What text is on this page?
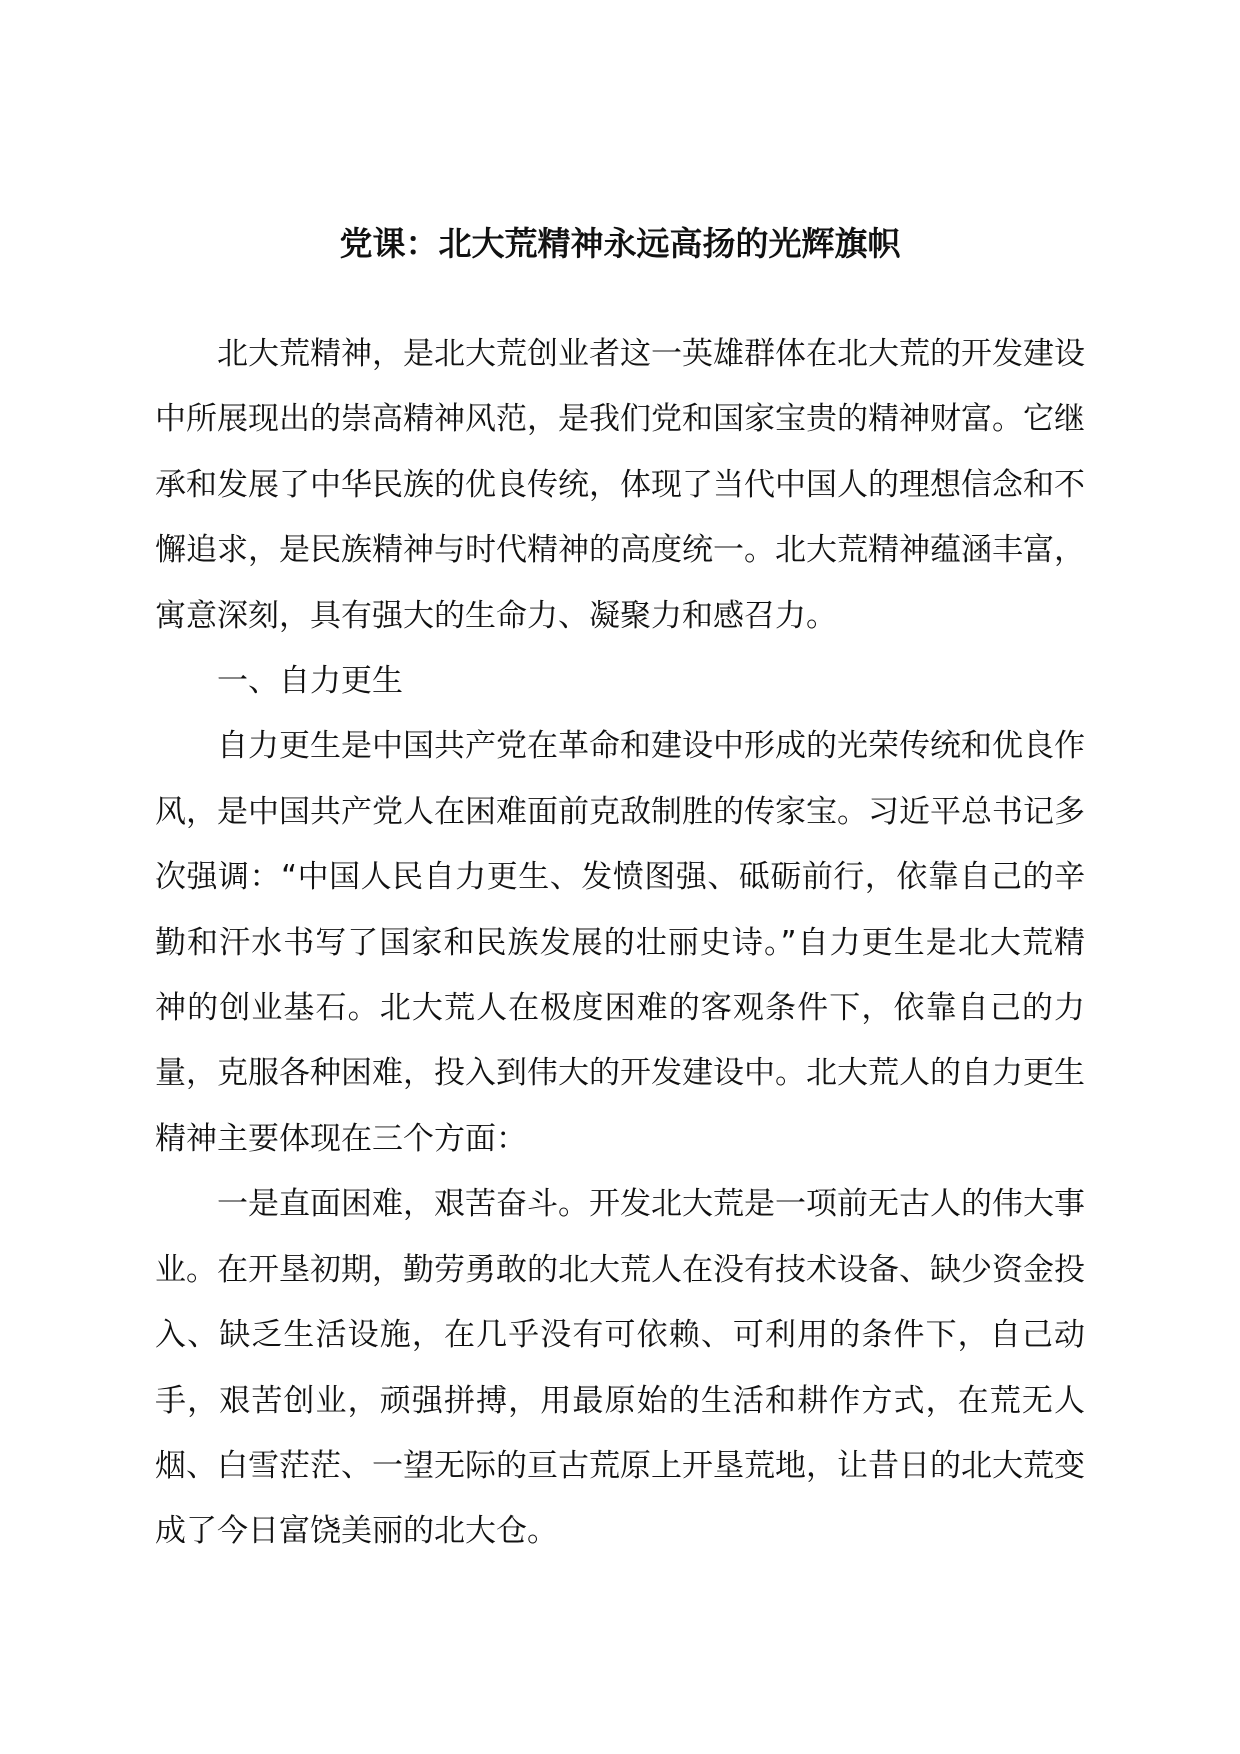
党课：北大荒精神永远高扬的光辉旗帜

北大荒精神，是北大荒创业者这一英雄群体在北大荒的开发建设中所展现出的崇高精神风范，是我们党和国家宝贵的精神财富。它继承和发展了中华民族的优良传统，体现了当代中国人的理想信念和不懈追求，是民族精神与时代精神的高度统一。北大荒精神蕴涵丰富，寓意深刻，具有强大的生命力、凝聚力和感召力。

一、自力更生

自力更生是中国共产党在革命和建设中形成的光荣传统和优良作风，是中国共产党人在困难面前克敌制胜的传家宝。习近平总书记多次强调：“中国人民自力更生、发愤图强、砥砺前行，依靠自己的辛勤和汗水书写了国家和民族发展的壮丽史诗。”自力更生是北大荒精神的创业基石。北大荒人在极度困难的客观条件下，依靠自己的力量，克服各种困难，投入到伟大的开发建设中。北大荒人的自力更生精神主要体现在三个方面：

一是直面困难，艰苦奋斗。开发北大荒是一项前无古人的伟大事业。在开垦初期，勤劳勇敢的北大荒人在没有技术设备、缺少资金投入、缺乏生活设施，在几乎没有可依赖、可利用的条件下，自己动手，艰苦创业，顽强拼搏，用最原始的生活和耕作方式，在荒无人烟、白雪茫茫、一望无际的亘古荒原上开垦荒地，让昔日的北大荒变成了今日富饶美丽的北大仓。
